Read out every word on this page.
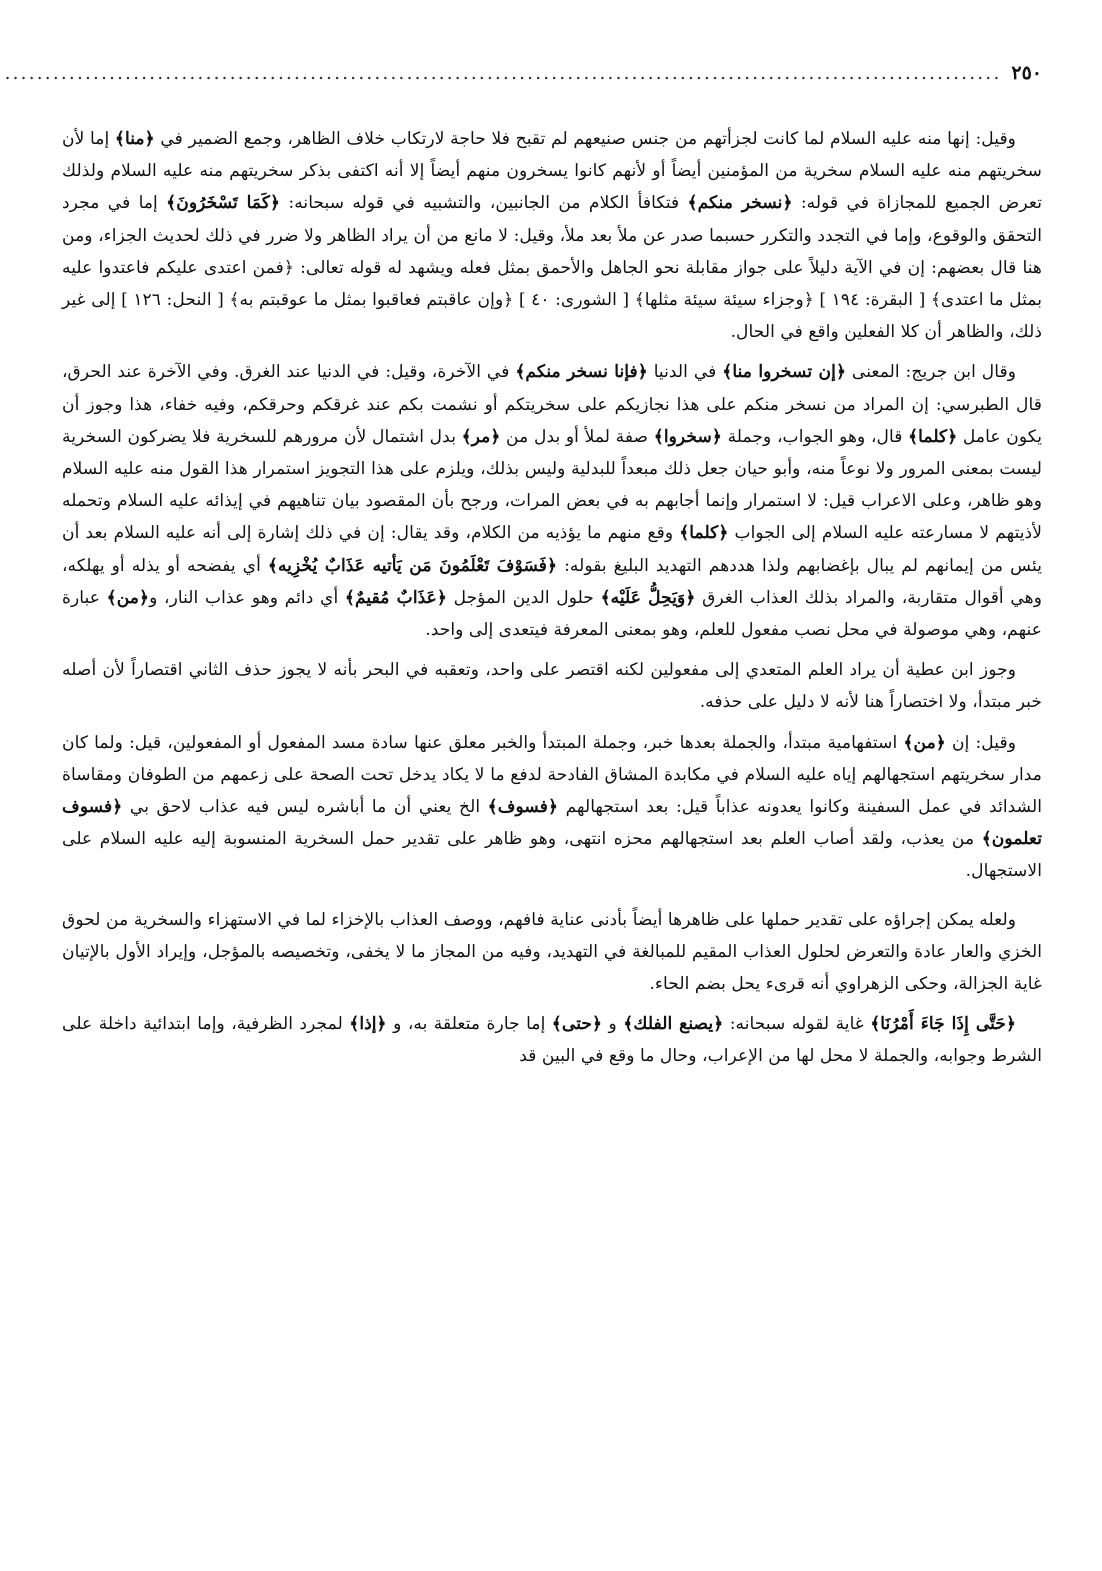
٢٥٠
............................................................................................................................

وقيل: إنها منه عليه السلام لما كانت لجزأتهم من جنس صنيعهم لم تقبح فلا حاجة لارتكاب خلاف الظاهر، وجمع الضمير في ﴿منا﴾ إما لأن سخريتهم منه عليه السلام سخرية من المؤمنين أيضاً أو لأنهم كانوا يسخرون منهم أيضاً إلا أنه اكتفى بذكر سخريتهم منه عليه السلام ولذلك تعرض الجميع للمجازاة في قوله: ﴿نسخر منكم﴾ فتكافأ الكلام من الجانبين، والتشبيه في قوله سبحانه: ﴿كَمَا تَسْخَرُونَ﴾ إما في مجرد التحقق والوقوع، وإما في التجدد والتكرر حسبما صدر عن ملأ بعد ملأ، وقيل: لا مانع من أن يراد الظاهر ولا ضرر في ذلك لحديث الجزاء، ومن هنا قال بعضهم: إن في الآية دليلاً على جواز مقابلة نحو الجاهل والأحمق بمثل فعله ويشهد له قوله تعالى: ﴿فمن اعتدى عليكم فاعتدوا عليه بمثل ما اعتدى﴾ [ البقرة: ١٩٤ ] ﴿وجزاء سيئة سيئة مثلها﴾ [ الشورى: ٤٠ ] ﴿وإن عاقبتم فعاقبوا بمثل ما عوقبتم به﴾ [ النحل: ١٢٦ ] إلى غير ذلك، والظاهر أن كلا الفعلين واقع في الحال.

وقال ابن جريج: المعنى ﴿إن تسخروا منا﴾ في الدنيا ﴿فإنا نسخر منكم﴾ في الآخرة، وقيل: في الدنيا عند الغرق. وفي الآخرة عند الحرق، قال الطبرسي: إن المراد من نسخر منكم على هذا نجازيكم على سخريتكم أو نشمت بكم عند غرقكم وحرقكم، وفيه خفاء، هذا وجوز أن يكون عامل ﴿كلما﴾ قال، وهو الجواب، وجملة ﴿سخروا﴾ صفة لملأ أو بدل من ﴿مر﴾ بدل اشتمال لأن مرورهم للسخرية فلا يضركون السخرية ليست بمعنى المرور ولا نوعاً منه، وأبو حيان جعل ذلك مبعداً للبدلية وليس بذلك، ويلزم على هذا التجويز استمرار هذا القول منه عليه السلام وهو ظاهر، وعلى الاعراب قيل: لا استمرار وإنما أجابهم به في بعض المرات، ورجح بأن المقصود بيان تناهيهم في إيذائه عليه السلام وتحمله لأذيتهم لا مسارعته عليه السلام إلى الجواب ﴿كلما﴾ وقع منهم ما يؤذيه من الكلام، وقد يقال: إن في ذلك إشارة إلى أنه عليه السلام بعد أن يئس من إيمانهم لم يبال بإغضابهم ولذا هددهم التهديد البليغ بقوله: ﴿فَسَوْفَ تَعْلَمُونَ مَن يَأتيه عَذَابٌ يُخْزِيه﴾ أي يفضحه أو يذله أو يهلكه، وهي أقوال متقاربة، والمراد بذلك العذاب الغرق ﴿وَيَحِلُّ عَلَيْه﴾ حلول الدين المؤجل ﴿عَذَابٌ مُقيمٌ﴾ أي دائم وهو عذاب النار، و﴿من﴾ عبارة عنهم، وهي موصولة في محل نصب مفعول للعلم، وهو بمعنى المعرفة فيتعدى إلى واحد.

وجوز ابن عطية أن يراد العلم المتعدي إلى مفعولين لكنه اقتصر على واحد، وتعقبه في البحر بأنه لا يجوز حذف الثاني اقتصاراً لأن أصله خبر مبتدأ، ولا اختصاراً هنا لأنه لا دليل على حذفه.

وقيل: إن ﴿من﴾ استفهامية مبتدأ، والجملة بعدها خبر، وجملة المبتدأ والخبر معلق عنها سادة مسد المفعول أو المفعولين، قيل: ولما كان مدار سخريتهم استجهالهم إياه عليه السلام في مكابدة المشاق الفادحة لدفع ما لا يكاد يدخل تحت الصحة على زعمهم من الطوفان ومقاساة الشدائد في عمل السفينة وكانوا يعدونه عذاباً قيل: بعد استجهالهم ﴿فسوف﴾ الخ يعني أن ما أباشره ليس فيه عذاب لاحق بي ﴿فسوف تعلمون﴾ من يعذب، ولقد أصاب العلم بعد استجهالهم محزه انتهى، وهو ظاهر على تقدير حمل السخرية المنسوبة إليه عليه السلام على الاستجهال.

ولعله يمكن إجراؤه على تقدير حملها على ظاهرها أيضاً بأدنى عناية فافهم، ووصف العذاب بالإخزاء لما في الاستهزاء والسخرية من لحوق الخزي والعار عادة والتعرض لحلول العذاب المقيم للمبالغة في التهديد، وفيه من المجاز ما لا يخفى، وتخصيصه بالمؤجل، وإيراد الأول بالإتيان غاية الجزالة، وحكى الزهراوي أنه قرىء يحل بضم الحاء.

﴿حَتَّى إِذَا جَاءَ أَمْرُنَا﴾ غاية لقوله سبحانه: ﴿يصنع الفلك﴾ و ﴿حتى﴾ إما جارة متعلقة به، و ﴿إذا﴾ لمجرد الظرفية، وإما ابتدائية داخلة على الشرط وجوابه، والجملة لا محل لها من الإعراب، وحال ما وقع في البين قد
